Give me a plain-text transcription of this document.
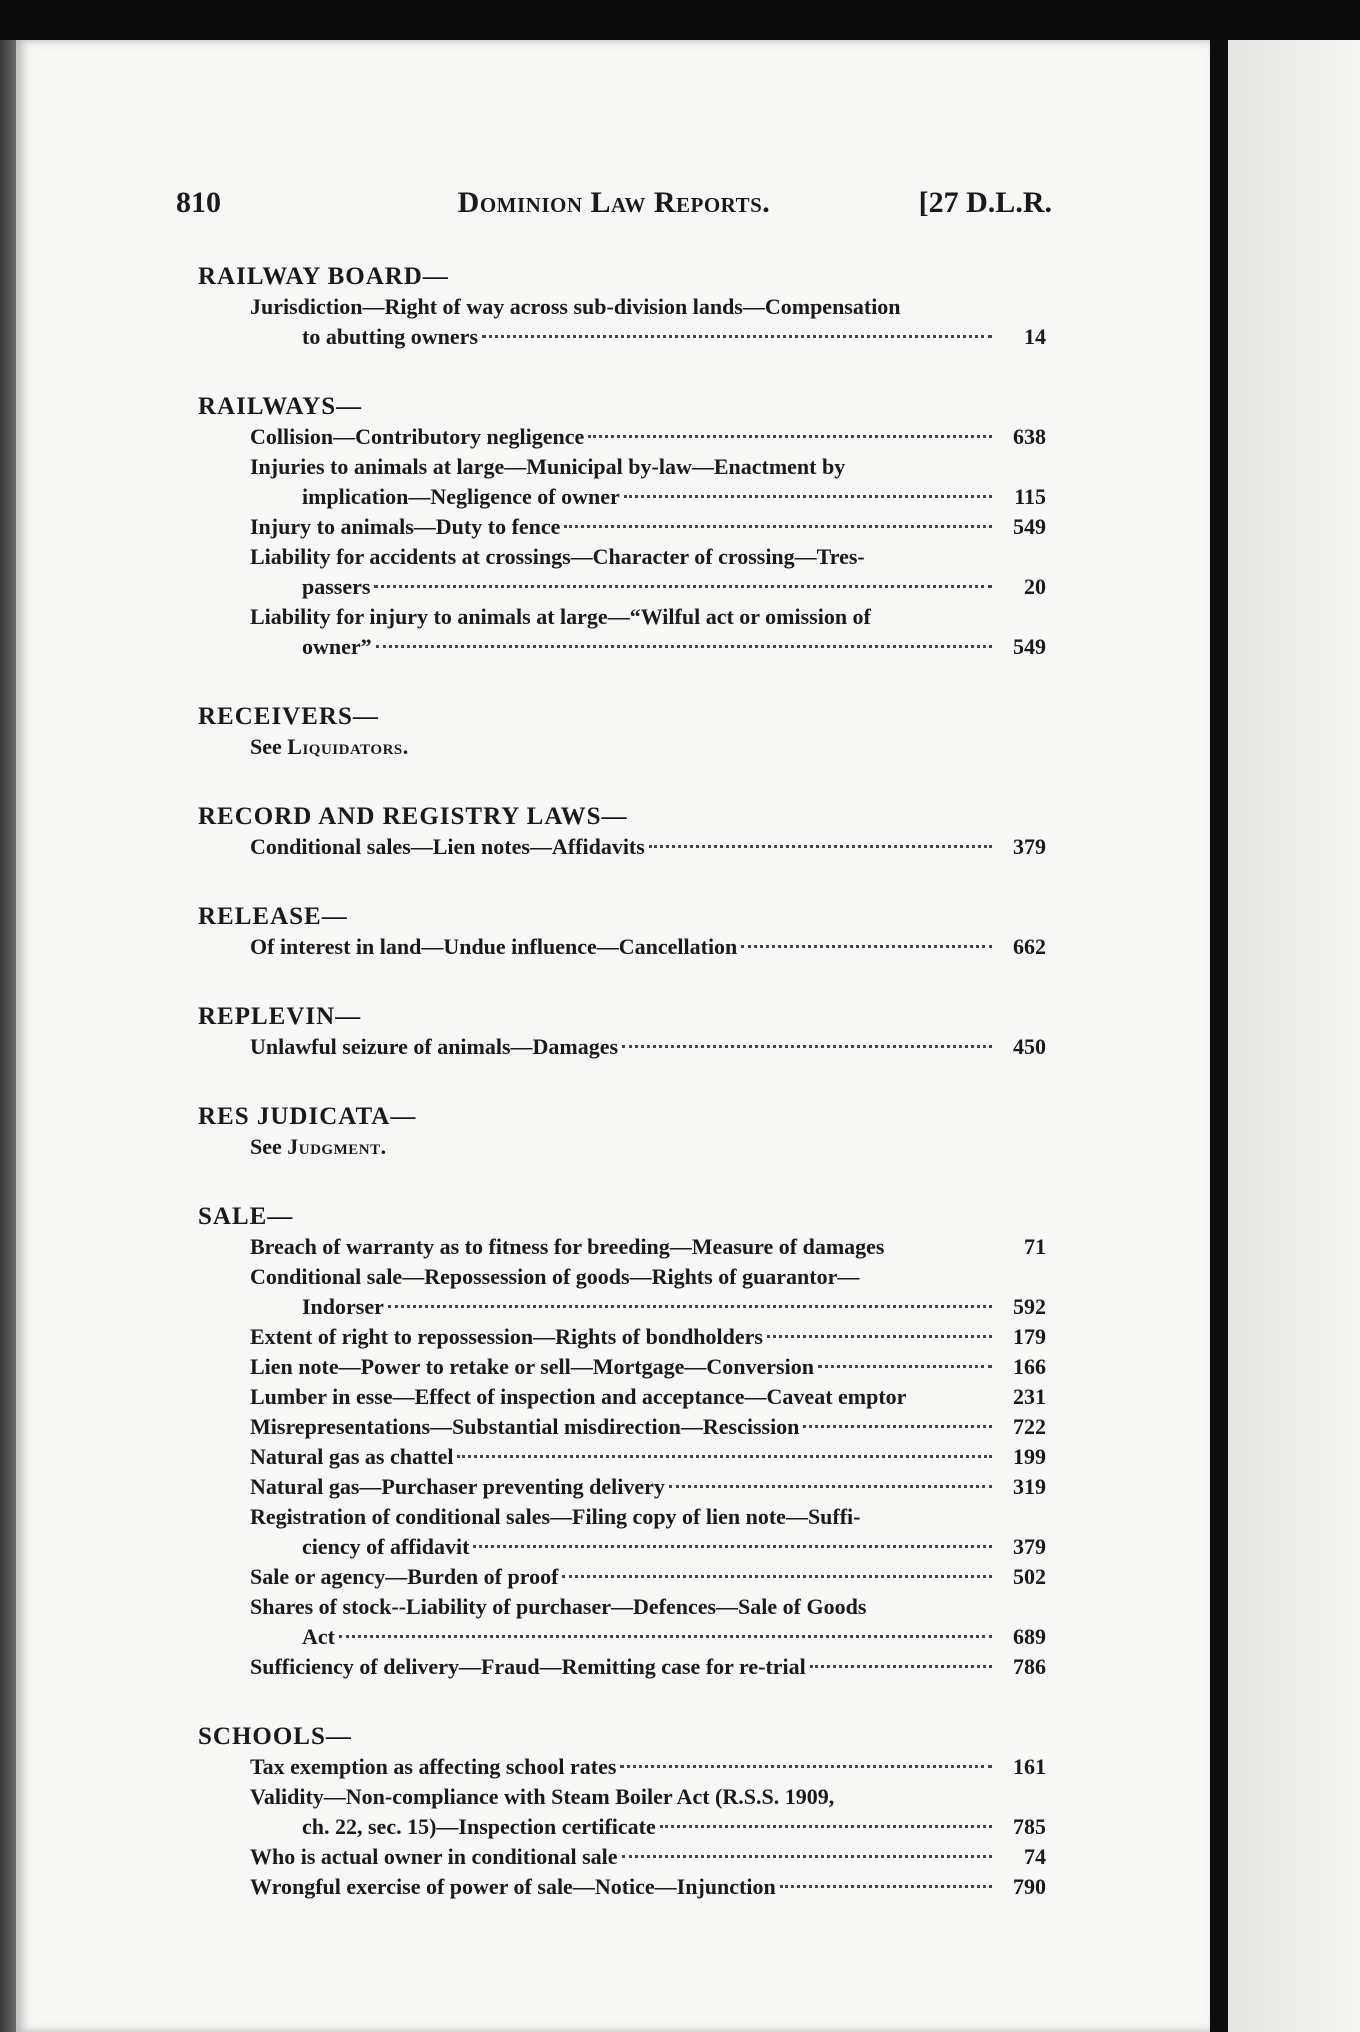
810	Dominion Law Reports.	[27 D.L.R.
RAILWAY BOARD—
Jurisdiction—Right of way across sub-division lands—Compensation
to abutting owners	14
RAILWAYS—
Collision—Contributory negligence	638
Injuries to animals at large—Municipal by-law—Enactment by
implication—Negligence of owner	115
Injury to animals—Duty to fence	549
Liability for accidents at crossings—Character of crossing—Tres-
passers	20
Liability for injury to animals at large—“Wilful act or omission of
owner”	549
RECEIVERS—
See Liquidators.
RECORD AND REGISTRY LAWS—
Conditional sales—Lien notes—Affidavits	379
RELEASE—
Of interest in land—Undue influence—Cancellation	662
REPLEVIN—
Unlawful seizure of animals—Damages	450
RES JUDICATA—
See Judgment.
SALE—
Breach of warranty as to fitness for breeding—Measure of damages	71
Conditional sale—Repossession of goods—Rights of guarantor—
Indorser	592
Extent of right to repossession—Rights of bondholders	179
Lien note—Power to retake or sell—Mortgage—Conversion	166
Lumber in esse—Effect of inspection and acceptance—Caveat emptor	231
Misrepresentations—Substantial misdirection—Rescission	722
Natural gas as chattel	199
Natural gas—Purchaser preventing delivery	319
Registration of conditional sales—Filing copy of lien note—Suffi-
ciency of affidavit	379
Sale or agency—Burden of proof	502
Shares of stock--Liability of purchaser—Defences—Sale of Goods
Act	689
Sufficiency of delivery—Fraud—Remitting case for re-trial	786
SCHOOLS—
Tax exemption as affecting school rates	161
Validity—Non-compliance with Steam Boiler Act (R.S.S. 1909,
ch. 22, sec. 15)—Inspection certificate	785
Who is actual owner in conditional sale	74
Wrongful exercise of power of sale—Notice—Injunction	790
